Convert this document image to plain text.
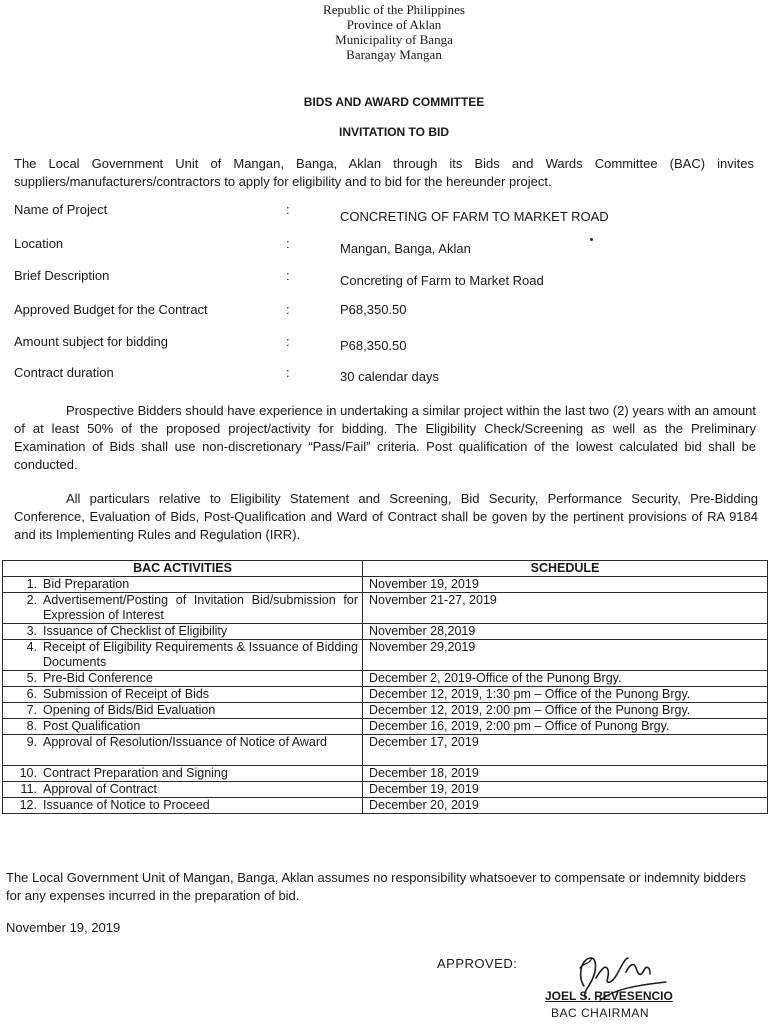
Republic of the Philippines
Province of Aklan
Municipality of Banga
Barangay Mangan
BIDS AND AWARD COMMITTEE
INVITATION TO BID
The Local Government Unit of Mangan, Banga, Aklan through its Bids and Wards Committee (BAC) invites suppliers/manufacturers/contractors to apply for eligibility and to bid for the hereunder project.
Name of Project	:	CONCRETING OF FARM TO MARKET ROAD
Location	:	Mangan, Banga, Aklan
Brief Description	:	Concreting of Farm to Market Road
Approved Budget for the Contract	:	P68,350.50
Amount subject for bidding	:	P68,350.50
Contract duration	:	30 calendar days
Prospective Bidders should have experience in undertaking a similar project within the last two (2) years with an amount of at least 50% of the proposed project/activity for bidding. The Eligibility Check/Screening as well as the Preliminary Examination of Bids shall use non-discretionary “Pass/Fail” criteria. Post qualification of the lowest calculated bid shall be conducted.
All particulars relative to Eligibility Statement and Screening, Bid Security, Performance Security, Pre-Bidding Conference, Evaluation of Bids, Post-Qualification and Ward of Contract shall be goven by the pertinent provisions of RA 9184 and its Implementing Rules and Regulation (IRR).
BAC ACTIVITIES	SCHEDULE

1. Bid Preparation	November 19, 2019

2. Advertisement/Posting of Invitation Bid/submission for Expression of Interest	November 21-27, 2019

3. Issuance of Checklist of Eligibility	November 28,2019

4. Receipt of Eligibility Requirements & Issuance of Bidding Documents	November 29,2019

5. Pre-Bid Conference	December 2, 2019-Office of the Punong Brgy.

6. Submission of Receipt of Bids	December 12, 2019, 1:30 pm – Office of the Punong Brgy.

7. Opening of Bids/Bid Evaluation	December 12, 2019, 2:00 pm – Office of the Punong Brgy.

8. Post Qualification	December 16, 2019, 2:00 pm – Office of Punong Brgy.

9. Approval of Resolution/Issuance of Notice of Award	December 17, 2019

10. Contract Preparation and Signing	December 18, 2019

11. Approval of Contract	December 19, 2019

12. Issuance of Notice to Proceed	December 20, 2019
The Local Government Unit of Mangan, Banga, Aklan assumes no responsibility whatsoever to compensate or indemnity bidders for any expenses incurred in the preparation of bid.
November 19, 2019
APPROVED:
JOEL S. REVESENCIO
BAC CHAIRMAN
